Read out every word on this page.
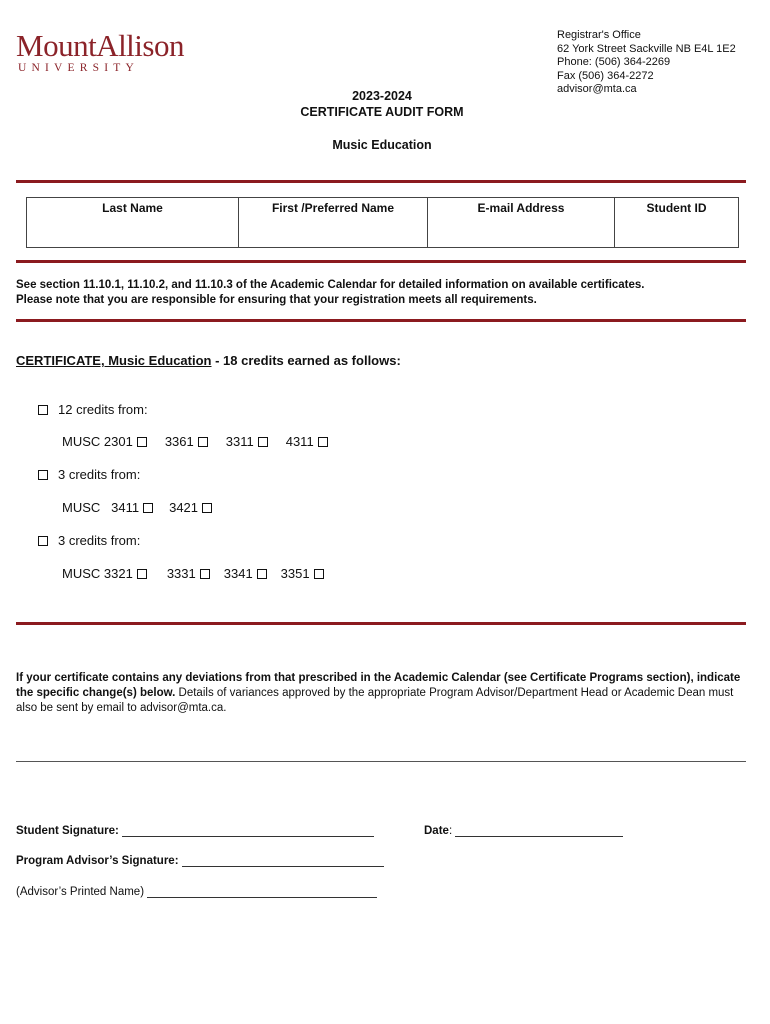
MountAllison
UNIVERSITY
Registrar's Office
62 York Street Sackville NB E4L 1E2
Phone: (506) 364-2269
Fax (506) 364-2272
advisor@mta.ca
2023-2024
CERTIFICATE AUDIT FORM
Music Education
Last Name	First /Preferred Name	E-mail Address	Student ID
See section 11.10.1, 11.10.2, and 11.10.3 of the Academic Calendar for detailed information on available certificates.
Please note that you are responsible for ensuring that your registration meets all requirements.
CERTIFICATE, Music Education - 18 credits earned as follows:
12 credits from:
MUSC
2301 3361 3311 4311
3 credits from:
MUSC
3411 3421
3 credits from:
MUSC
3321	3331 3341 3351
If your certificate contains any deviations from that prescribed in the Academic Calendar (see Certificate Programs section), indicate the specific change(s) below. Details of variances approved by the appropriate Program Advisor/Department Head or Academic Dean must also be sent by email to advisor@mta.ca.
Student Signature:	Date:
Program Advisor’s Signature:
(Advisor’s Printed Name)
